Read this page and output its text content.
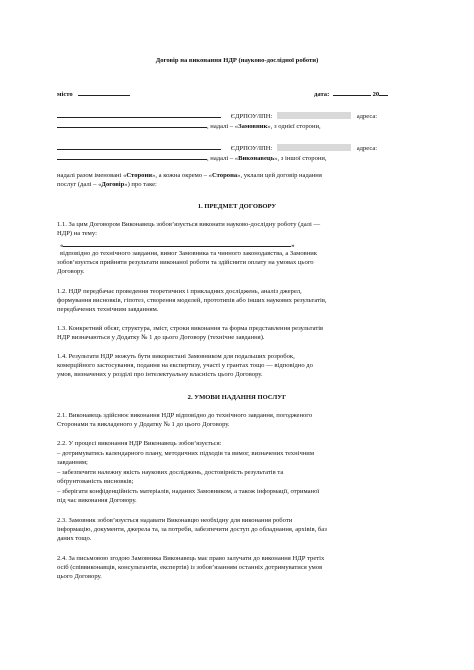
Договір на виконання НДР (науково-дослідної роботи)
місто	дата:	20
ЄДРПОУ/ІПН:	адреса:
, надалі – «Замовник», з однієї сторони,
ЄДРПОУ/ІПН:	адреса:
, надалі – «Виконавець», з іншої сторони,
надалі разом іменовані «Сторони», а кожна окремо – «Сторона», уклали цей договір надання
послуг (далі – «Договір») про таке:
1. ПРЕДМЕТ ДОГОВОРУ
1.1. За цим Договором Виконавець зобов’язується виконати науково-дослідну роботу (далі —
НДР) на тему:
«	»
відповідно до технічного завдання, вимог Замовника та чинного законодавства, а Замовник
зобов’язується прийняти результати виконаної роботи та здійснити оплату на умовах цього
Договору.
1.2. НДР передбачає проведення теоретичних і прикладних досліджень, аналіз джерел,
формування висновків, гіпотез, створення моделей, прототипів або інших наукових результатів,
передбачених технічним завданням.
1.3. Конкретний обсяг, структура, зміст, строки виконання та форма представлення результатів
НДР визначаються у Додатку № 1 до цього Договору (технічне завдання).
1.4. Результати НДР можуть бути використані Замовником для подальших розробок,
комерційного застосування, подання на експертизу, участі у грантах тощо — відповідно до
умов, визначених у розділі про інтелектуальну власність цього Договору.
2. УМОВИ НАДАННЯ ПОСЛУГ
2.1. Виконавець здійснює виконання НДР відповідно до технічного завдання, погодженого
Сторонами та викладеного у Додатку № 1 до цього Договору.
2.2. У процесі виконання НДР Виконавець зобов’язується:
– дотримуватись календарного плану, методичних підходів та вимог, визначених технічним
завданням;
– забезпечити належну якість наукових досліджень, достовірність результатів та
обґрунтованість висновків;
– зберігати конфіденційність матеріалів, наданих Замовником, а також інформації, отриманої
під час виконання Договору.
2.3. Замовник зобов’язується надавати Виконавцю необхідну для виконання роботи
інформацію, документи, джерела та, за потреби, забезпечити доступ до обладнання, архівів, баз
даних тощо.
2.4. За письмовою згодою Замовника Виконавець має право залучати до виконання НДР третіх
осіб (співвиконавців, консультантів, експертів) із зобов’язанням останніх дотримуватися умов
цього Договору.
